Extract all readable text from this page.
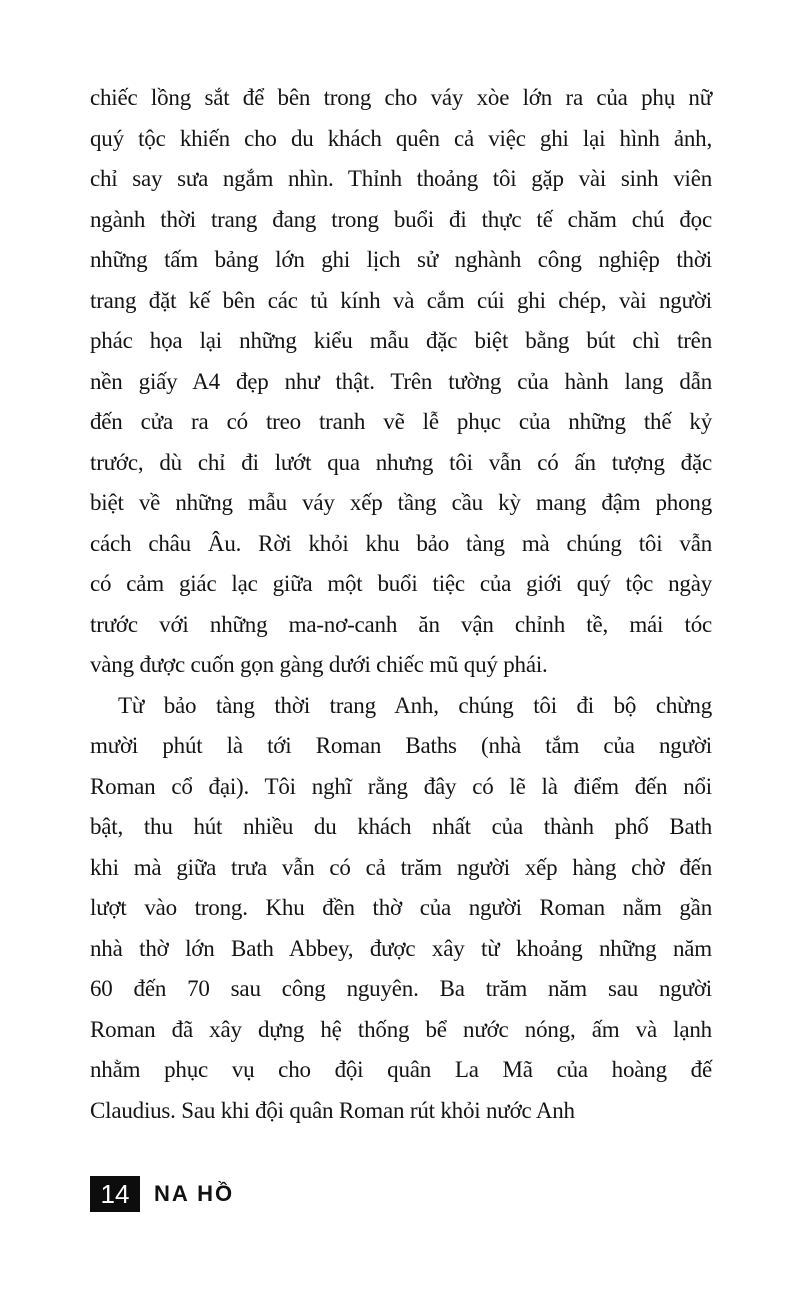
chiếc lồng sắt để bên trong cho váy xòe lớn ra của phụ nữ
quý tộc khiến cho du khách quên cả việc ghi lại hình ảnh,
chỉ say sưa ngắm nhìn. Thỉnh thoảng tôi gặp vài sinh viên
ngành thời trang đang trong buổi đi thực tế chăm chú đọc
những tấm bảng lớn ghi lịch sử nghành công nghiệp thời
trang đặt kế bên các tủ kính và cắm cúi ghi chép, vài người
phác họa lại những kiểu mẫu đặc biệt bằng bút chì trên
nền giấy A4 đẹp như thật. Trên tường của hành lang dẫn
đến cửa ra có treo tranh vẽ lễ phục của những thế kỷ
trước, dù chỉ đi lướt qua nhưng tôi vẫn có ấn tượng đặc
biệt về những mẫu váy xếp tầng cầu kỳ mang đậm phong
cách châu Âu. Rời khỏi khu bảo tàng mà chúng tôi vẫn
có cảm giác lạc giữa một buổi tiệc của giới quý tộc ngày
trước với những ma-nơ-canh ăn vận chỉnh tề, mái tóc
vàng được cuốn gọn gàng dưới chiếc mũ quý phái.

Từ bảo tàng thời trang Anh, chúng tôi đi bộ chừng
mười phút là tới Roman Baths (nhà tắm của người
Roman cổ đại). Tôi nghĩ rằng đây có lẽ là điểm đến nổi
bật, thu hút nhiều du khách nhất của thành phố Bath
khi mà giữa trưa vẫn có cả trăm người xếp hàng chờ đến
lượt vào trong. Khu đền thờ của người Roman nằm gần
nhà thờ lớn Bath Abbey, được xây từ khoảng những năm
60 đến 70 sau công nguyên. Ba trăm năm sau người
Roman đã xây dựng hệ thống bể nước nóng, ấm và lạnh
nhằm phục vụ cho đội quân La Mã của hoàng đế
Claudius. Sau khi đội quân Roman rút khỏi nước Anh

14 NA HỒ
